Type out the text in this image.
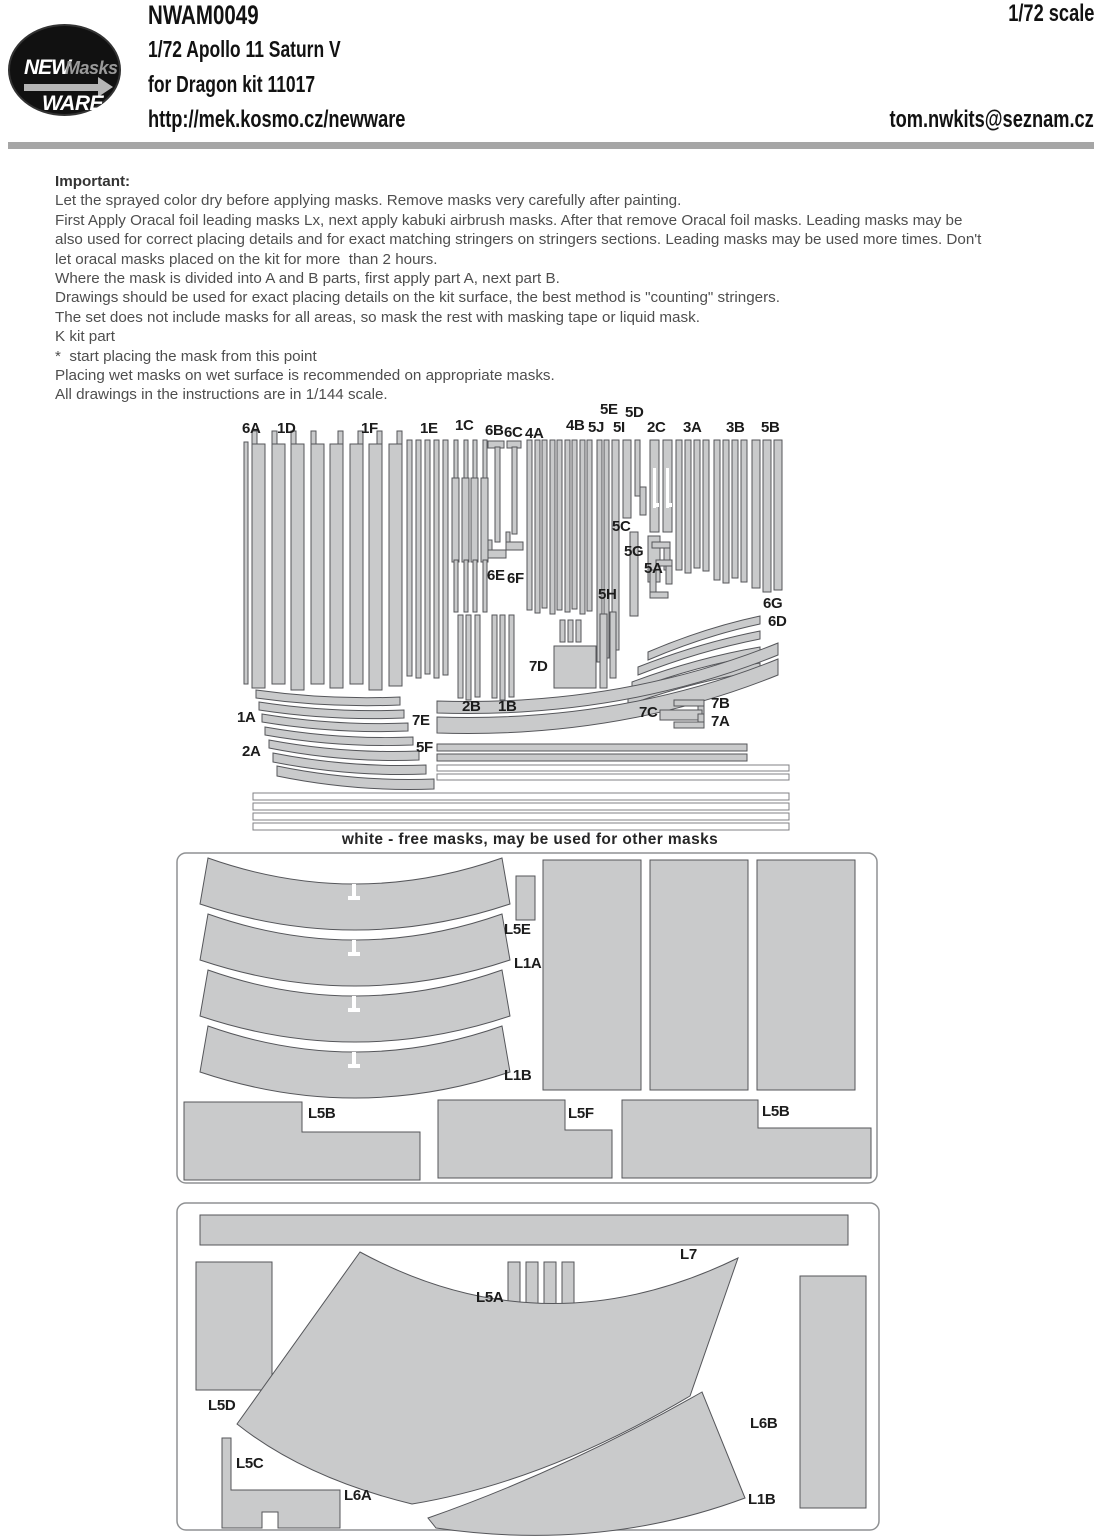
NEW
Masks
WARE
NWAM0049	1/72 scale
1/72 Apollo 11 Saturn V
for Dragon kit 11017
http://mek.kosmo.cz/newware	tom.nwkits@seznam.cz
Important:
Let the sprayed color dry before applying masks. Remove masks very carefully after painting.
First Apply Oracal foil leading masks Lx, next apply kabuki airbrush masks. After that remove Oracal foil masks. Leading masks may be
also used for correct placing details and for exact matching stringers on stringers sections. Leading masks may be used more times. Don't
let oracal masks placed on the kit for more  than 2 hours.
Where the mask is divided into A and B parts, first apply part A, next part B.
Drawings should be used for exact placing details on the kit surface, the best method is "counting" stringers.
The set does not include masks for all areas, so mask the rest with masking tape or liquid mask.
K kit part
*  start placing the mask from this point
Placing wet masks on wet surface is recommended on appropriate masks.
All drawings in the instructions are in 1/144 scale.
6A 1D	1F	1E 1C 6B 6C 4A 4B 5J
5E 5D
5I 2C 3A 3B 5B
5C
5G
5A
5H
6E 6F
6G
6D
7D
2B 1B
1A	7E
2A	5F
7C
7B
7A
L5E
L1A
L1B
L5B	L5F	L5B
L7
L5A
L5D
L6B
L5C
L6A	L1B
white - free masks, may be used for other masks
